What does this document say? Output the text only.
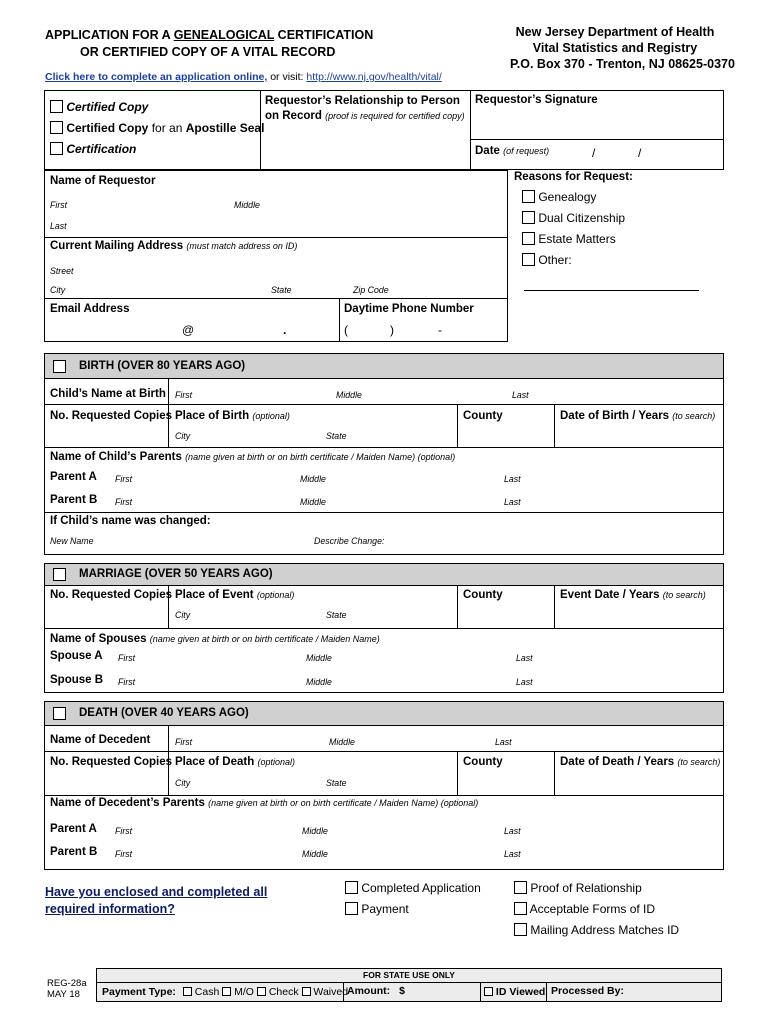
APPLICATION FOR A GENEALOGICAL CERTIFICATION
OR CERTIFIED COPY OF A VITAL RECORD
New Jersey Department of Health
Vital Statistics and Registry
P.O. Box 370 - Trenton, NJ 08625-0370
Click here to complete an application online, or visit: http://www.nj.gov/health/vital/
Certified Copy
Certified Copy for an Apostille Seal
Certification
Requestor’s Relationship to Person on Record (proof is required for certified copy)
Requestor’s Signature
Date (of request)	/	/
Name of Requestor
First	Middle
Last
Current Mailing Address (must match address on ID)
Street
City	State	Zip Code
Email Address
@	.
Daytime Phone Number
(	)	-
Reasons for Request:
Genealogy
Dual Citizenship
Estate Matters
Other:
BIRTH (OVER 80 YEARS AGO)
Child’s Name at Birth First	Middle	Last
No. Requested Copies Place of Birth (optional)	County	Date of Birth / Years (to search)
City	State
Name of Child’s Parents (name given at birth or on birth certificate / Maiden Name) (optional)
Parent A First	Middle	Last
Parent B First	Middle	Last
If Child’s name was changed:
New Name	Describe Change:
MARRIAGE (OVER 50 YEARS AGO)
No. Requested Copies Place of Event (optional)	County	Event Date / Years (to search)
City	State
Name of Spouses (name given at birth or on birth certificate / Maiden Name)
Spouse A First	Middle	Last
Spouse B First	Middle	Last
DEATH (OVER 40 YEARS AGO)
Name of Decedent	First	Middle	Last
No. Requested Copies Place of Death (optional)	County	Date of Death / Years (to search)
City	State
Name of Decedent’s Parents (name given at birth or on birth certificate / Maiden Name) (optional)
Parent A First	Middle	Last
Parent B First	Middle	Last
Have you enclosed and completed all
required information?
Completed Application
Payment
Proof of Relationship
Acceptable Forms of ID
Mailing Address Matches ID
REG-28a
MAY 18
FOR STATE USE ONLY
Payment Type: Cash M/O Check Waived
Amount: $	ID Viewed Processed By:
